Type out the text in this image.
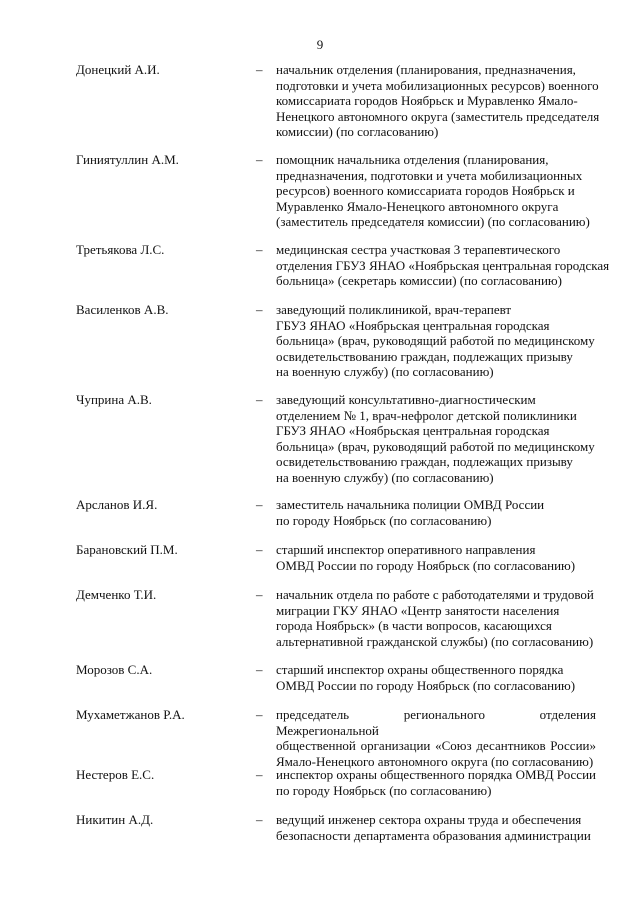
9
Донецкий А.И.	– начальник отделения (планирования, предназначения,
подготовки и учета мобилизационных ресурсов) военного
комиссариата городов Ноябрьск и Муравленко Ямало-
Ненецкого автономного округа (заместитель председателя
комиссии) (по согласованию)
Гиниятуллин А.М.	– помощник начальника отделения (планирования,
предназначения, подготовки и учета мобилизационных
ресурсов) военного комиссариата городов Ноябрьск и
Муравленко Ямало-Ненецкого автономного округа
(заместитель председателя комиссии) (по согласованию)
Третьякова Л.С.	– медицинская сестра участковая 3 терапевтического
отделения ГБУЗ ЯНАО «Ноябрьская центральная городская
больница» (секретарь комиссии) (по согласованию)
Василенков А.В.	– заведующий поликлиникой, врач-терапевт
ГБУЗ ЯНАО «Ноябрьская центральная городская
больница» (врач, руководящий работой по медицинскому
освидетельствованию граждан, подлежащих призыву
на военную службу) (по согласованию)
Чуприна А.В.	– заведующий консультативно-диагностическим
отделением № 1, врач-нефролог детской поликлиники
ГБУЗ ЯНАО «Ноябрьская центральная городская
больница» (врач, руководящий работой по медицинскому
освидетельствованию граждан, подлежащих призыву
на военную службу) (по согласованию)
Арсланов И.Я.	– заместитель начальника полиции ОМВД России
по городу Ноябрьск (по согласованию)
Барановский П.М.	– старший инспектор оперативного направления
ОМВД России по городу Ноябрьск (по согласованию)
Демченко Т.И.	– начальник отдела по работе с работодателями и трудовой
миграции ГКУ ЯНАО «Центр занятости населения
города Ноябрьск» (в части вопросов, касающихся
альтернативной гражданской службы) (по согласованию)
Морозов С.А.	– старший инспектор охраны общественного порядка
ОМВД России по городу Ноябрьск (по согласованию)
Мухаметжанов Р.А.	– председатель регионального отделения Межрегиональной
общественной организации «Союз десантников России»
Ямало-Ненецкого автономного округа (по согласованию)
Нестеров Е.С.	– инспектор охраны общественного порядка ОМВД России
по городу Ноябрьск (по согласованию)
Никитин А.Д.	– ведущий инженер сектора охраны труда и обеспечения
безопасности департамента образования администрации
